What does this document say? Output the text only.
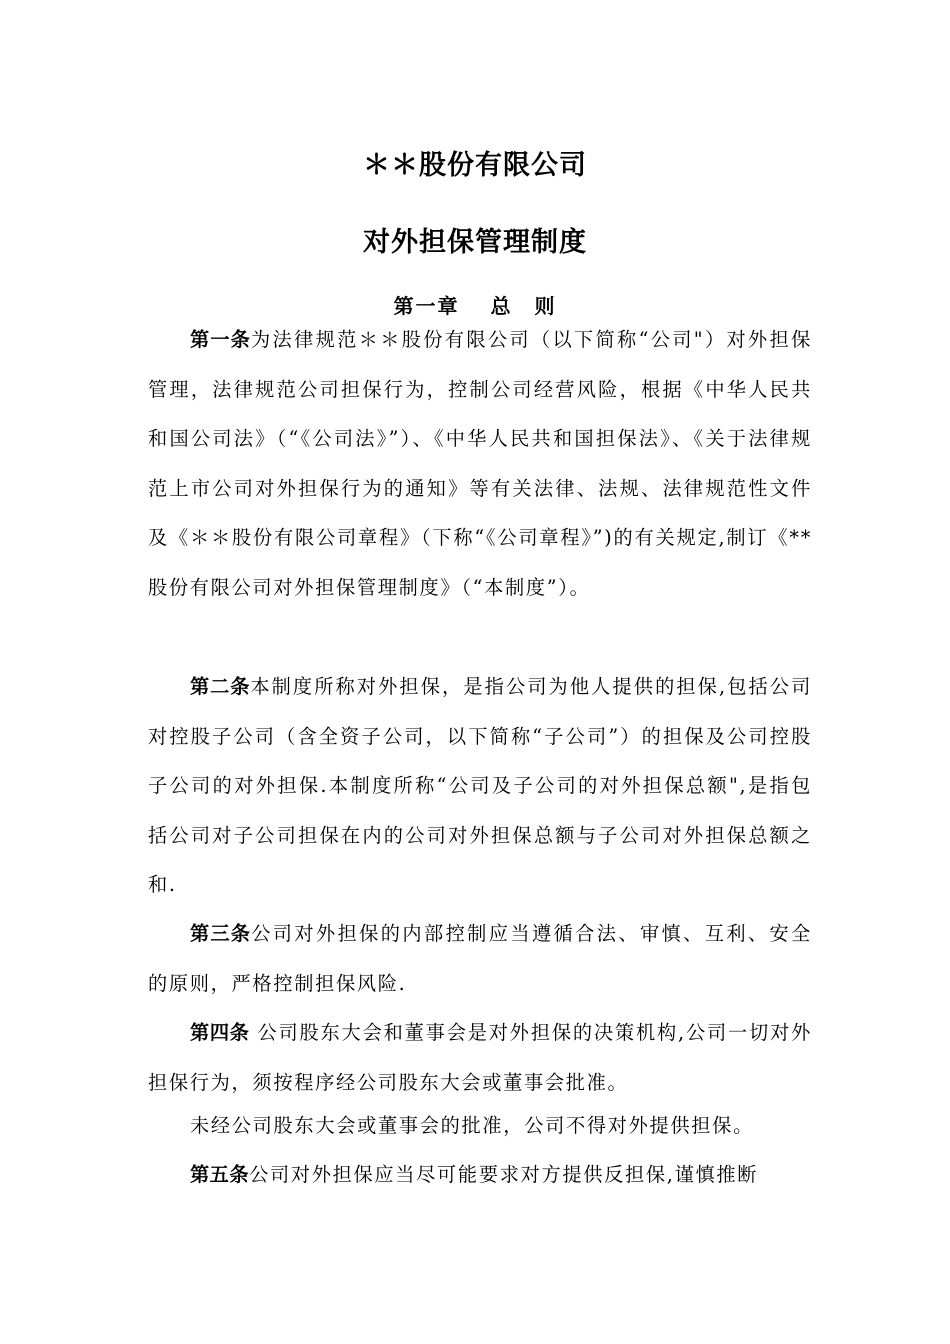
＊＊股份有限公司
对外担保管理制度
第一章　 总　则

第一条为法律规范＊＊股份有限公司（以下简称“公司"）对外担保管理，法律规范公司担保行为，控制公司经营风险，根据《中华人民共和国公司法》（“《公司法》”）、《中华人民共和国担保法》、《关于法律规范上市公司对外担保行为的通知》等有关法律、法规、法律规范性文件及《＊＊股份有限公司章程》（下称“《公司章程》”)的有关规定,制订《**股份有限公司对外担保管理制度》（“本制度”）。

第二条本制度所称对外担保，是指公司为他人提供的担保,包括公司对控股子公司（含全资子公司，以下简称“子公司”）的担保及公司控股子公司的对外担保.本制度所称“公司及子公司的对外担保总额",是指包括公司对子公司担保在内的公司对外担保总额与子公司对外担保总额之和.

第三条公司对外担保的内部控制应当遵循合法、审慎、互利、安全的原则，严格控制担保风险.

第四条 公司股东大会和董事会是对外担保的决策机构,公司一切对外担保行为，须按程序经公司股东大会或董事会批准。

未经公司股东大会或董事会的批准，公司不得对外提供担保。

第五条公司对外担保应当尽可能要求对方提供反担保,谨慎推断
